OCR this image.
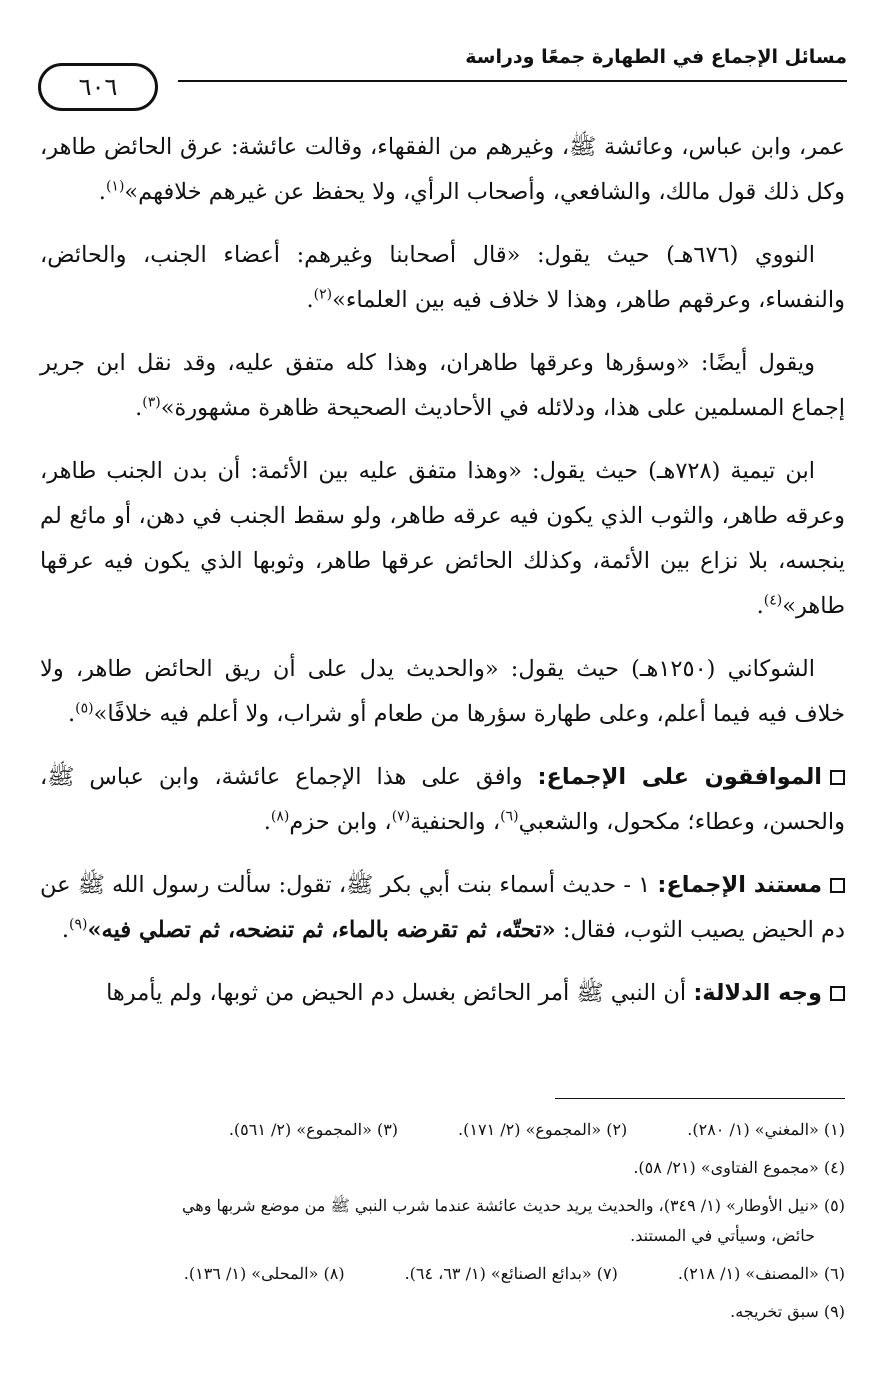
مسائل الإجماع في الطهارة جمعًا ودراسة
٦٠٦

عمر، وابن عباس، وعائشة ﷺ، وغيرهم من الفقهاء، وقالت عائشة: عرق الحائض طاهر، وكل ذلك قول مالك، والشافعي، وأصحاب الرأي، ولا يحفظ عن غيرهم خلافهم»$^{(١)}$.

النووي (٦٧٦هـ) حيث يقول: «قال أصحابنا وغيرهم: أعضاء الجنب، والحائض، والنفساء، وعرقهم طاهر، وهذا لا خلاف فيه بين العلماء»$^{(٢)}$.

ويقول أيضًا: «وسؤرها وعرقها طاهران، وهذا كله متفق عليه، وقد نقل ابن جرير إجماع المسلمين على هذا، ودلائله في الأحاديث الصحيحة ظاهرة مشهورة»$^{(٣)}$.

ابن تيمية (٧٢٨هـ) حيث يقول: «وهذا متفق عليه بين الأئمة: أن بدن الجنب طاهر، وعرقه طاهر، والثوب الذي يكون فيه عرقه طاهر، ولو سقط الجنب في دهن، أو مائع لم ينجسه، بلا نزاع بين الأئمة، وكذلك الحائض عرقها طاهر، وثوبها الذي يكون فيه عرقها طاهر»$^{(٤)}$.

الشوكاني (١٢٥٠هـ) حيث يقول: «والحديث يدل على أن ريق الحائض طاهر، ولا خلاف فيه فيما أعلم، وعلى طهارة سؤرها من طعام أو شراب، ولا أعلم فيه خلافًا»$^{(٥)}$.

الموافقون على الإجماع: وافق على هذا الإجماع عائشة، وابن عباس ﷺ، والحسن، وعطاء؛ مكحول، والشعبي$^{(٦)}$، والحنفية$^{(٧)}$، وابن حزم$^{(٨)}$.

مستند الإجماع: ١ - حديث أسماء بنت أبي بكر ﷺ، تقول: سألت رسول الله ﷺ عن دم الحيض يصيب الثوب، فقال: «تحتّه، ثم تقرضه بالماء، ثم تنضحه، ثم تصلي فيه»$^{(٩)}$.

وجه الدلالة: أن النبي ﷺ أمر الحائض بغسل دم الحيض من ثوبها، ولم يأمرها

(١) «المغني» (١/ ٢٨٠).
(٢) «المجموع» (٢/ ١٧١).
(٣) «المجموع» (٢/ ٥٦١).
(٤) «مجموع الفتاوى» (٢١/ ٥٨).
(٥) «نيل الأوطار» (١/ ٣٤٩)، والحديث يريد حديث عائشة عندما شرب النبي ﷺ من موضع شربها وهي
حائض، وسيأتي في المستند.
(٦) «المصنف» (١/ ٢١٨).
(٧) «بدائع الصنائع» (١/ ٦٣، ٦٤).
(٨) «المحلى» (١/ ١٣٦).
(٩) سبق تخريجه.
